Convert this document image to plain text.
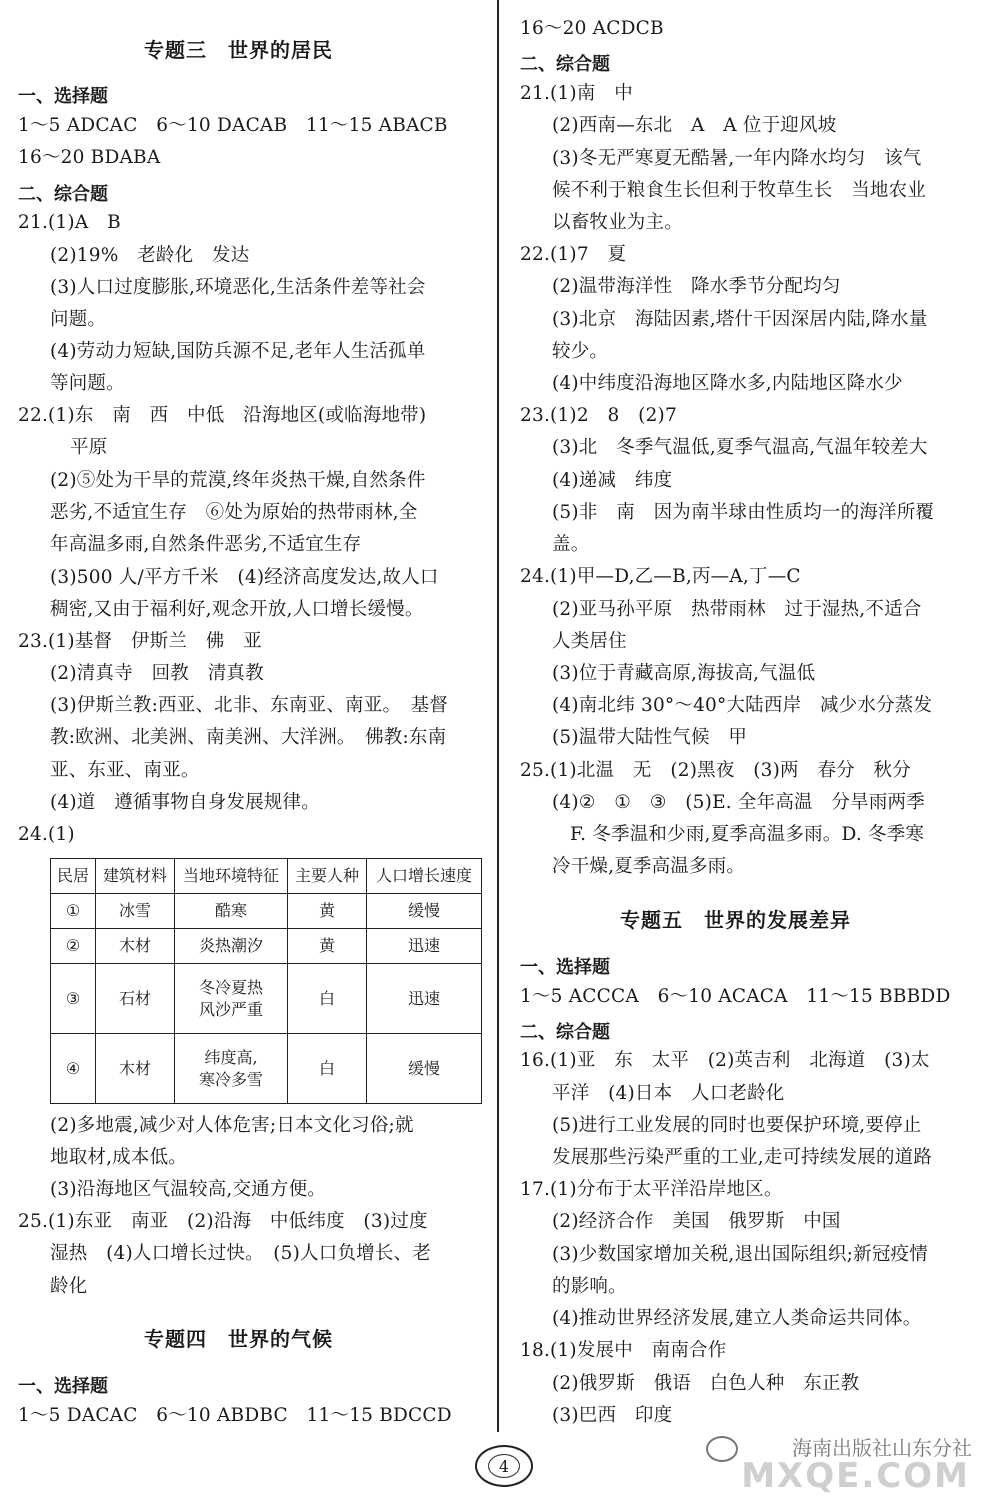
专题三　世界的居民
一、选择题
1～5 ADCAC　6～10 DACAB　11～15 ABACB
16～20 BDABA
二、综合题
21.(1)A　B
(2)19%　老龄化　发达
(3)人口过度膨胀,环境恶化,生活条件差等社会
问题。
(4)劳动力短缺,国防兵源不足,老年人生活孤单
等问题。
22.(1)东　南　西　中低　沿海地区(或临海地带)
平原
(2)⑤处为干旱的荒漠,终年炎热干燥,自然条件
恶劣,不适宜生存　⑥处为原始的热带雨林,全
年高温多雨,自然条件恶劣,不适宜生存
(3)500 人/平方千米　(4)经济高度发达,故人口
稠密,又由于福利好,观念开放,人口增长缓慢。
23.(1)基督　伊斯兰　佛　亚
(2)清真寺　回教　清真教
(3)伊斯兰教:西亚、北非、东南亚、南亚。　基督
教:欧洲、北美洲、南美洲、大洋洲。　佛教:东南
亚、东亚、南亚。
(4)道　遵循事物自身发展规律。
24.(1)
民居	建筑材料	当地环境特征	主要人种	人口增长速度
①	冰雪	酷寒	黄	缓慢
②	木材	炎热潮汐	黄	迅速
③	石材	冬冷夏热
风沙严重	白	迅速
④	木材	纬度高,
寒冷多雪	白	缓慢
(2)多地震,减少对人体危害;日本文化习俗;就
地取材,成本低。
(3)沿海地区气温较高,交通方便。
25.(1)东亚　南亚　(2)沿海　中低纬度　(3)过度
湿热　(4)人口增长过快。　(5)人口负增长、老
龄化
专题四　世界的气候
一、选择题
1～5 DACAC　6～10 ABDBC　11～15 BDCCD
16～20 ACDCB
二、综合题
21.(1)南　中
(2)西南—东北　A　A 位于迎风坡
(3)冬无严寒夏无酷暑,一年内降水均匀　该气
候不利于粮食生长但利于牧草生长　当地农业
以畜牧业为主。
22.(1)7　夏
(2)温带海洋性　降水季节分配均匀
(3)北京　海陆因素,塔什干因深居内陆,降水量
较少。
(4)中纬度沿海地区降水多,内陆地区降水少
23.(1)2　8　(2)7
(3)北　冬季气温低,夏季气温高,气温年较差大
(4)递减　纬度
(5)非　南　因为南半球由性质均一的海洋所覆
盖。
24.(1)甲—D,乙—B,丙—A,丁—C
(2)亚马孙平原　热带雨林　过于湿热,不适合
人类居住
(3)位于青藏高原,海拔高,气温低
(4)南北纬 30°～40°大陆西岸　减少水分蒸发
(5)温带大陆性气候　甲
25.(1)北温　无　(2)黑夜　(3)两　春分　秋分
(4)②　①　③　(5)E. 全年高温　分旱雨两季
F. 冬季温和少雨,夏季高温多雨。D. 冬季寒
冷干燥,夏季高温多雨。
专题五　世界的发展差异
一、选择题
1～5 ACCCA　6～10 ACACA　11～15 BBBDD
二、综合题
16.(1)亚　东　太平　(2)英吉利　北海道　(3)太
平洋　(4)日本　人口老龄化
(5)进行工业发展的同时也要保护环境,要停止
发展那些污染严重的工业,走可持续发展的道路
17.(1)分布于太平洋沿岸地区。
(2)经济合作　美国　俄罗斯　中国
(3)少数国家增加关税,退出国际组织;新冠疫情
的影响。
(4)推动世界经济发展,建立人类命运共同体。
18.(1)发展中　南南合作
(2)俄罗斯　俄语　白色人种　东正教
(3)巴西　印度
4
海南出版社山东分社
MXQE.COM
